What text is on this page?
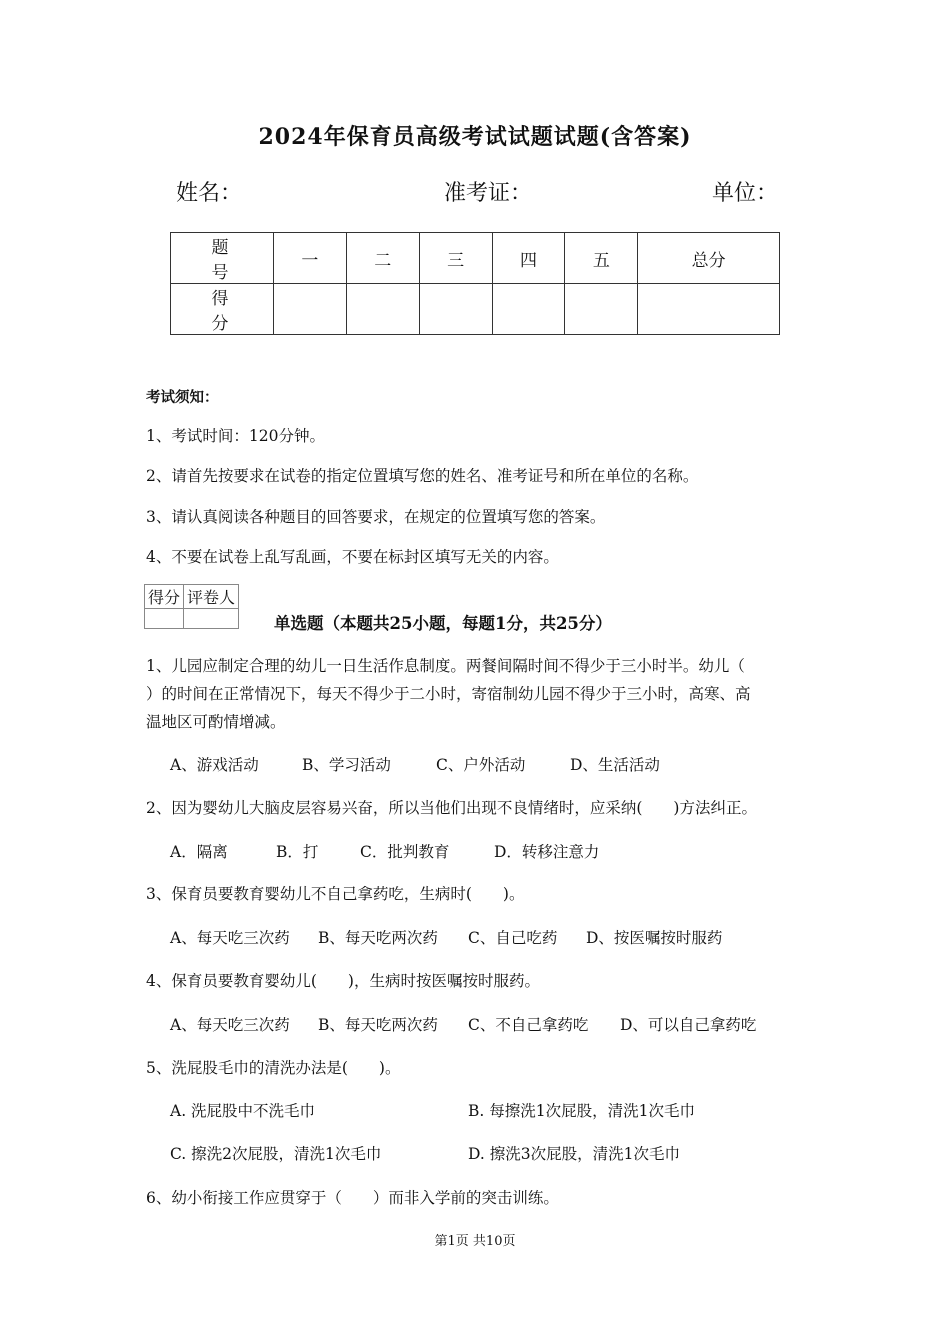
2024年保育员高级考试试题试题(含答案)
姓名：	准考证：	单位：
题　号	一	二	三	四	五	总分
得　分						
考试须知：
1、考试时间：120分钟。
2、请首先按要求在试卷的指定位置填写您的姓名、准考证号和所在单位的名称。
3、请认真阅读各种题目的回答要求，在规定的位置填写您的答案。
4、不要在试卷上乱写乱画，不要在标封区填写无关的内容。
得分	评卷人

单选题（本题共25小题，每题1分，共25分）
1、儿园应制定合理的幼儿一日生活作息制度。两餐间隔时间不得少于三小时半。幼儿（
）的时间在正常情况下，每天不得少于二小时，寄宿制幼儿园不得少于三小时，高寒、高
温地区可酌情增减。
A、游戏活动	B、学习活动	C、户外活动	D、生活活动
2、因为婴幼儿大脑皮层容易兴奋，所以当他们出现不良情绪时，应采纳(　　)方法纠正。
A．隔离	B．打	C．批判教育	D．转移注意力
3、保育员要教育婴幼儿不自己拿药吃，生病时(　　)。
A、每天吃三次药 B、每天吃两次药 C、自己吃药 D、按医嘱按时服药
4、保育员要教育婴幼儿(　　)，生病时按医嘱按时服药。
A、每天吃三次药 B、每天吃两次药 C、不自己拿药吃 D、可以自己拿药吃
5、洗屁股毛巾的清洗办法是(　　)。
A. 洗屁股中不洗毛巾	B. 每擦洗1次屁股，清洗1次毛巾
C. 擦洗2次屁股，清洗1次毛巾	D. 擦洗3次屁股，清洗1次毛巾
6、幼小衔接工作应贯穿于（　　）而非入学前的突击训练。
第1页 共10页
